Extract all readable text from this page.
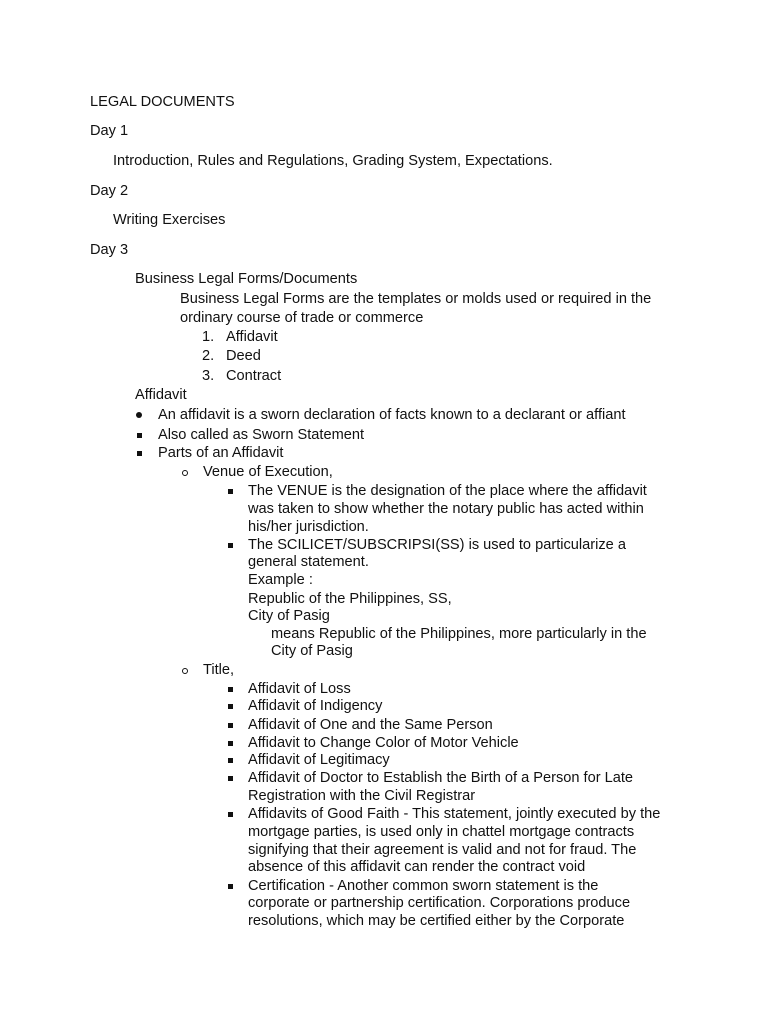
LEGAL DOCUMENTS
Day 1
Introduction, Rules and Regulations, Grading System, Expectations.
Day 2
Writing Exercises
Day 3
Business Legal Forms/Documents
Business Legal Forms are the templates or molds used or required in the
ordinary course of trade or commerce
1. Affidavit
2. Deed
3. Contract
Affidavit
An affidavit is a sworn declaration of facts known to a declarant or affiant
Also called as Sworn Statement
Parts of an Affidavit
Venue of Execution,
The VENUE is the designation of the place where the affidavit
was taken to show whether the notary public has acted within
his/her jurisdiction.
The SCILICET/SUBSCRIPSI(SS) is used to particularize a
general statement.
Example :
Republic of the Philippines, SS,
City of Pasig
means Republic of the Philippines, more particularly in the
City of Pasig
Title,
Affidavit of Loss
Affidavit of Indigency
Affidavit of One and the Same Person
Affidavit to Change Color of Motor Vehicle
Affidavit of Legitimacy
Affidavit of Doctor to Establish the Birth of a Person for Late
Registration with the Civil Registrar
Affidavits of Good Faith - This statement, jointly executed by the
mortgage parties, is used only in chattel mortgage contracts
signifying that their agreement is valid and not for fraud. The
absence of this affidavit can render the contract void
Certification - Another common sworn statement is the
corporate or partnership certification. Corporations produce
resolutions, which may be certified either by the Corporate
